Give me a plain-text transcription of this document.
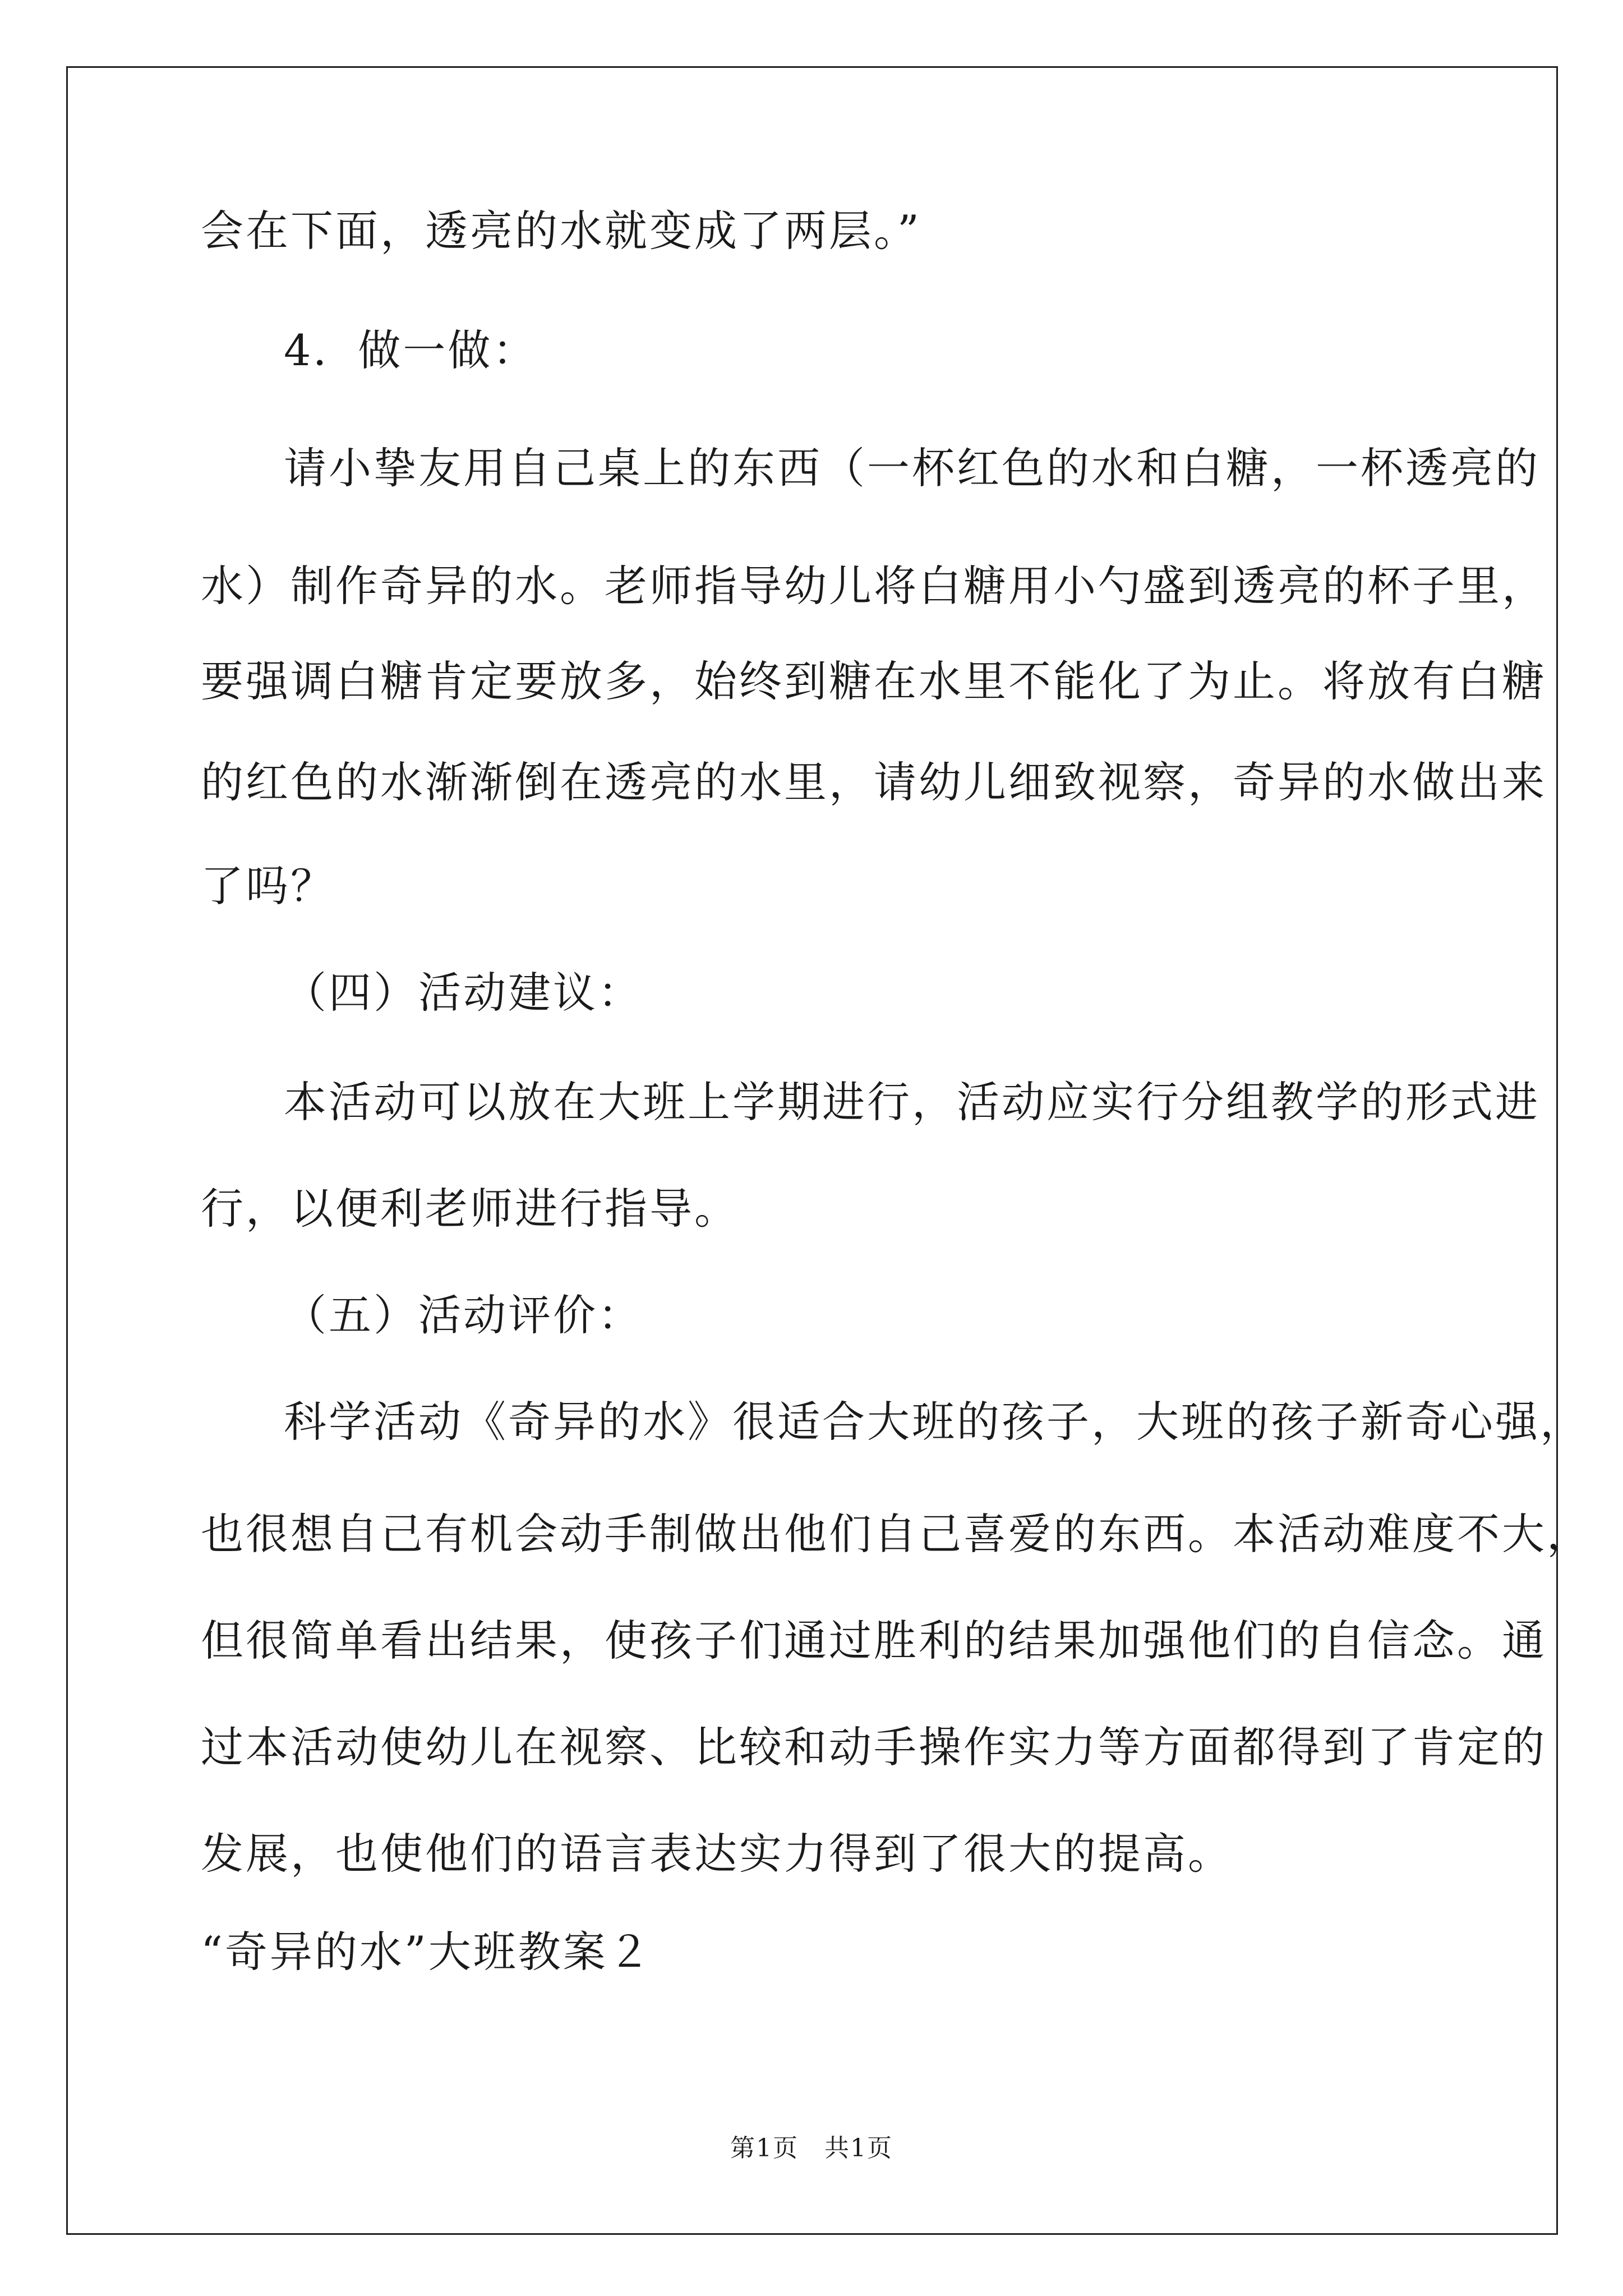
会在下面，透亮的水就变成了两层。”
4．做一做：
请小挚友用自己桌上的东西（一杯红色的水和白糖，一杯透亮的
水）制作奇异的水。老师指导幼儿将白糖用小勺盛到透亮的杯子里，
要强调白糖肯定要放多，始终到糖在水里不能化了为止。将放有白糖
的红色的水渐渐倒在透亮的水里，请幼儿细致视察，奇异的水做出来
了吗？
（四）活动建议：
本活动可以放在大班上学期进行，活动应实行分组教学的形式进
行，以便利老师进行指导。
（五）活动评价：
科学活动《奇异的水》很适合大班的孩子，大班的孩子新奇心强，
也很想自己有机会动手制做出他们自己喜爱的东西。本活动难度不大，
但很简单看出结果，使孩子们通过胜利的结果加强他们的自信念。通
过本活动使幼儿在视察、比较和动手操作实力等方面都得到了肯定的
发展，也使他们的语言表达实力得到了很大的提高。
“奇异的水”大班教案２
第1页　共1页
